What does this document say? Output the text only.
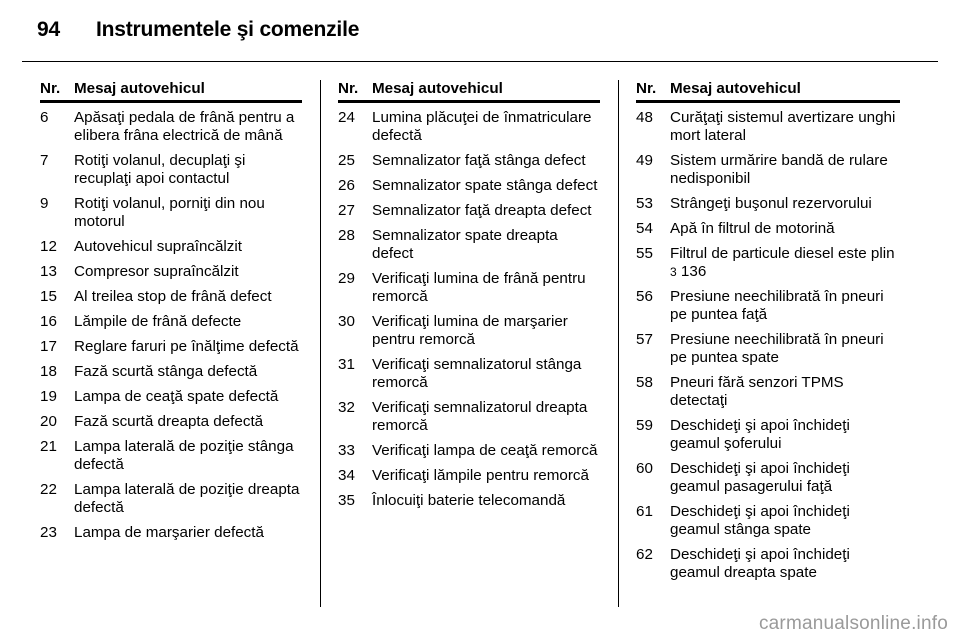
94 Instrumentele şi comenzile
Nr. Mesaj autovehicul
6	Apăsaţi pedala de frână pentru a elibera frâna electrică de mână
7	Rotiţi volanul, decuplaţi şi recuplaţi apoi contactul
9	Rotiţi volanul, porniţi din nou motorul
12	Autovehicul supraîncălzit
13	Compresor supraîncălzit
15	Al treilea stop de frână defect
16	Lămpile de frână defecte
17	Reglare faruri pe înălţime defectă
18	Fază scurtă stânga defectă
19	Lampa de ceaţă spate defectă
20	Fază scurtă dreapta defectă
21	Lampa laterală de poziţie stânga defectă
22	Lampa laterală de poziţie dreapta defectă
23	Lampa de marşarier defectă
Nr. Mesaj autovehicul
24	Lumina plăcuţei de înmatriculare defectă
25	Semnalizator faţă stânga defect
26	Semnalizator spate stânga defect
27	Semnalizator faţă dreapta defect
28	Semnalizator spate dreapta defect
29	Verificaţi lumina de frână pentru remorcă
30	Verificaţi lumina de marşarier pentru remorcă
31	Verificaţi semnalizatorul stânga remorcă
32	Verificaţi semnalizatorul dreapta remorcă
33	Verificaţi lampa de ceaţă remorcă
34	Verificaţi lămpile pentru remorcă
35	Înlocuiţi baterie telecomandă
Nr. Mesaj autovehicul
48	Curăţaţi sistemul avertizare unghi mort lateral
49	Sistem urmărire bandă de rulare nedisponibil
53	Strângeţi buşonul rezervorului
54	Apă în filtrul de motorină
55	Filtrul de particule diesel este plin 3 136
56	Presiune neechilibrată în pneuri pe puntea faţă
57	Presiune neechilibrată în pneuri pe puntea spate
58	Pneuri fără senzori TPMS detectaţi
59	Deschideţi şi apoi închideţi geamul şoferului
60	Deschideţi şi apoi închideţi geamul pasagerului faţă
61	Deschideţi şi apoi închideţi geamul stânga spate
62	Deschideţi şi apoi închideţi geamul dreapta spate
carmanualsonline.info
